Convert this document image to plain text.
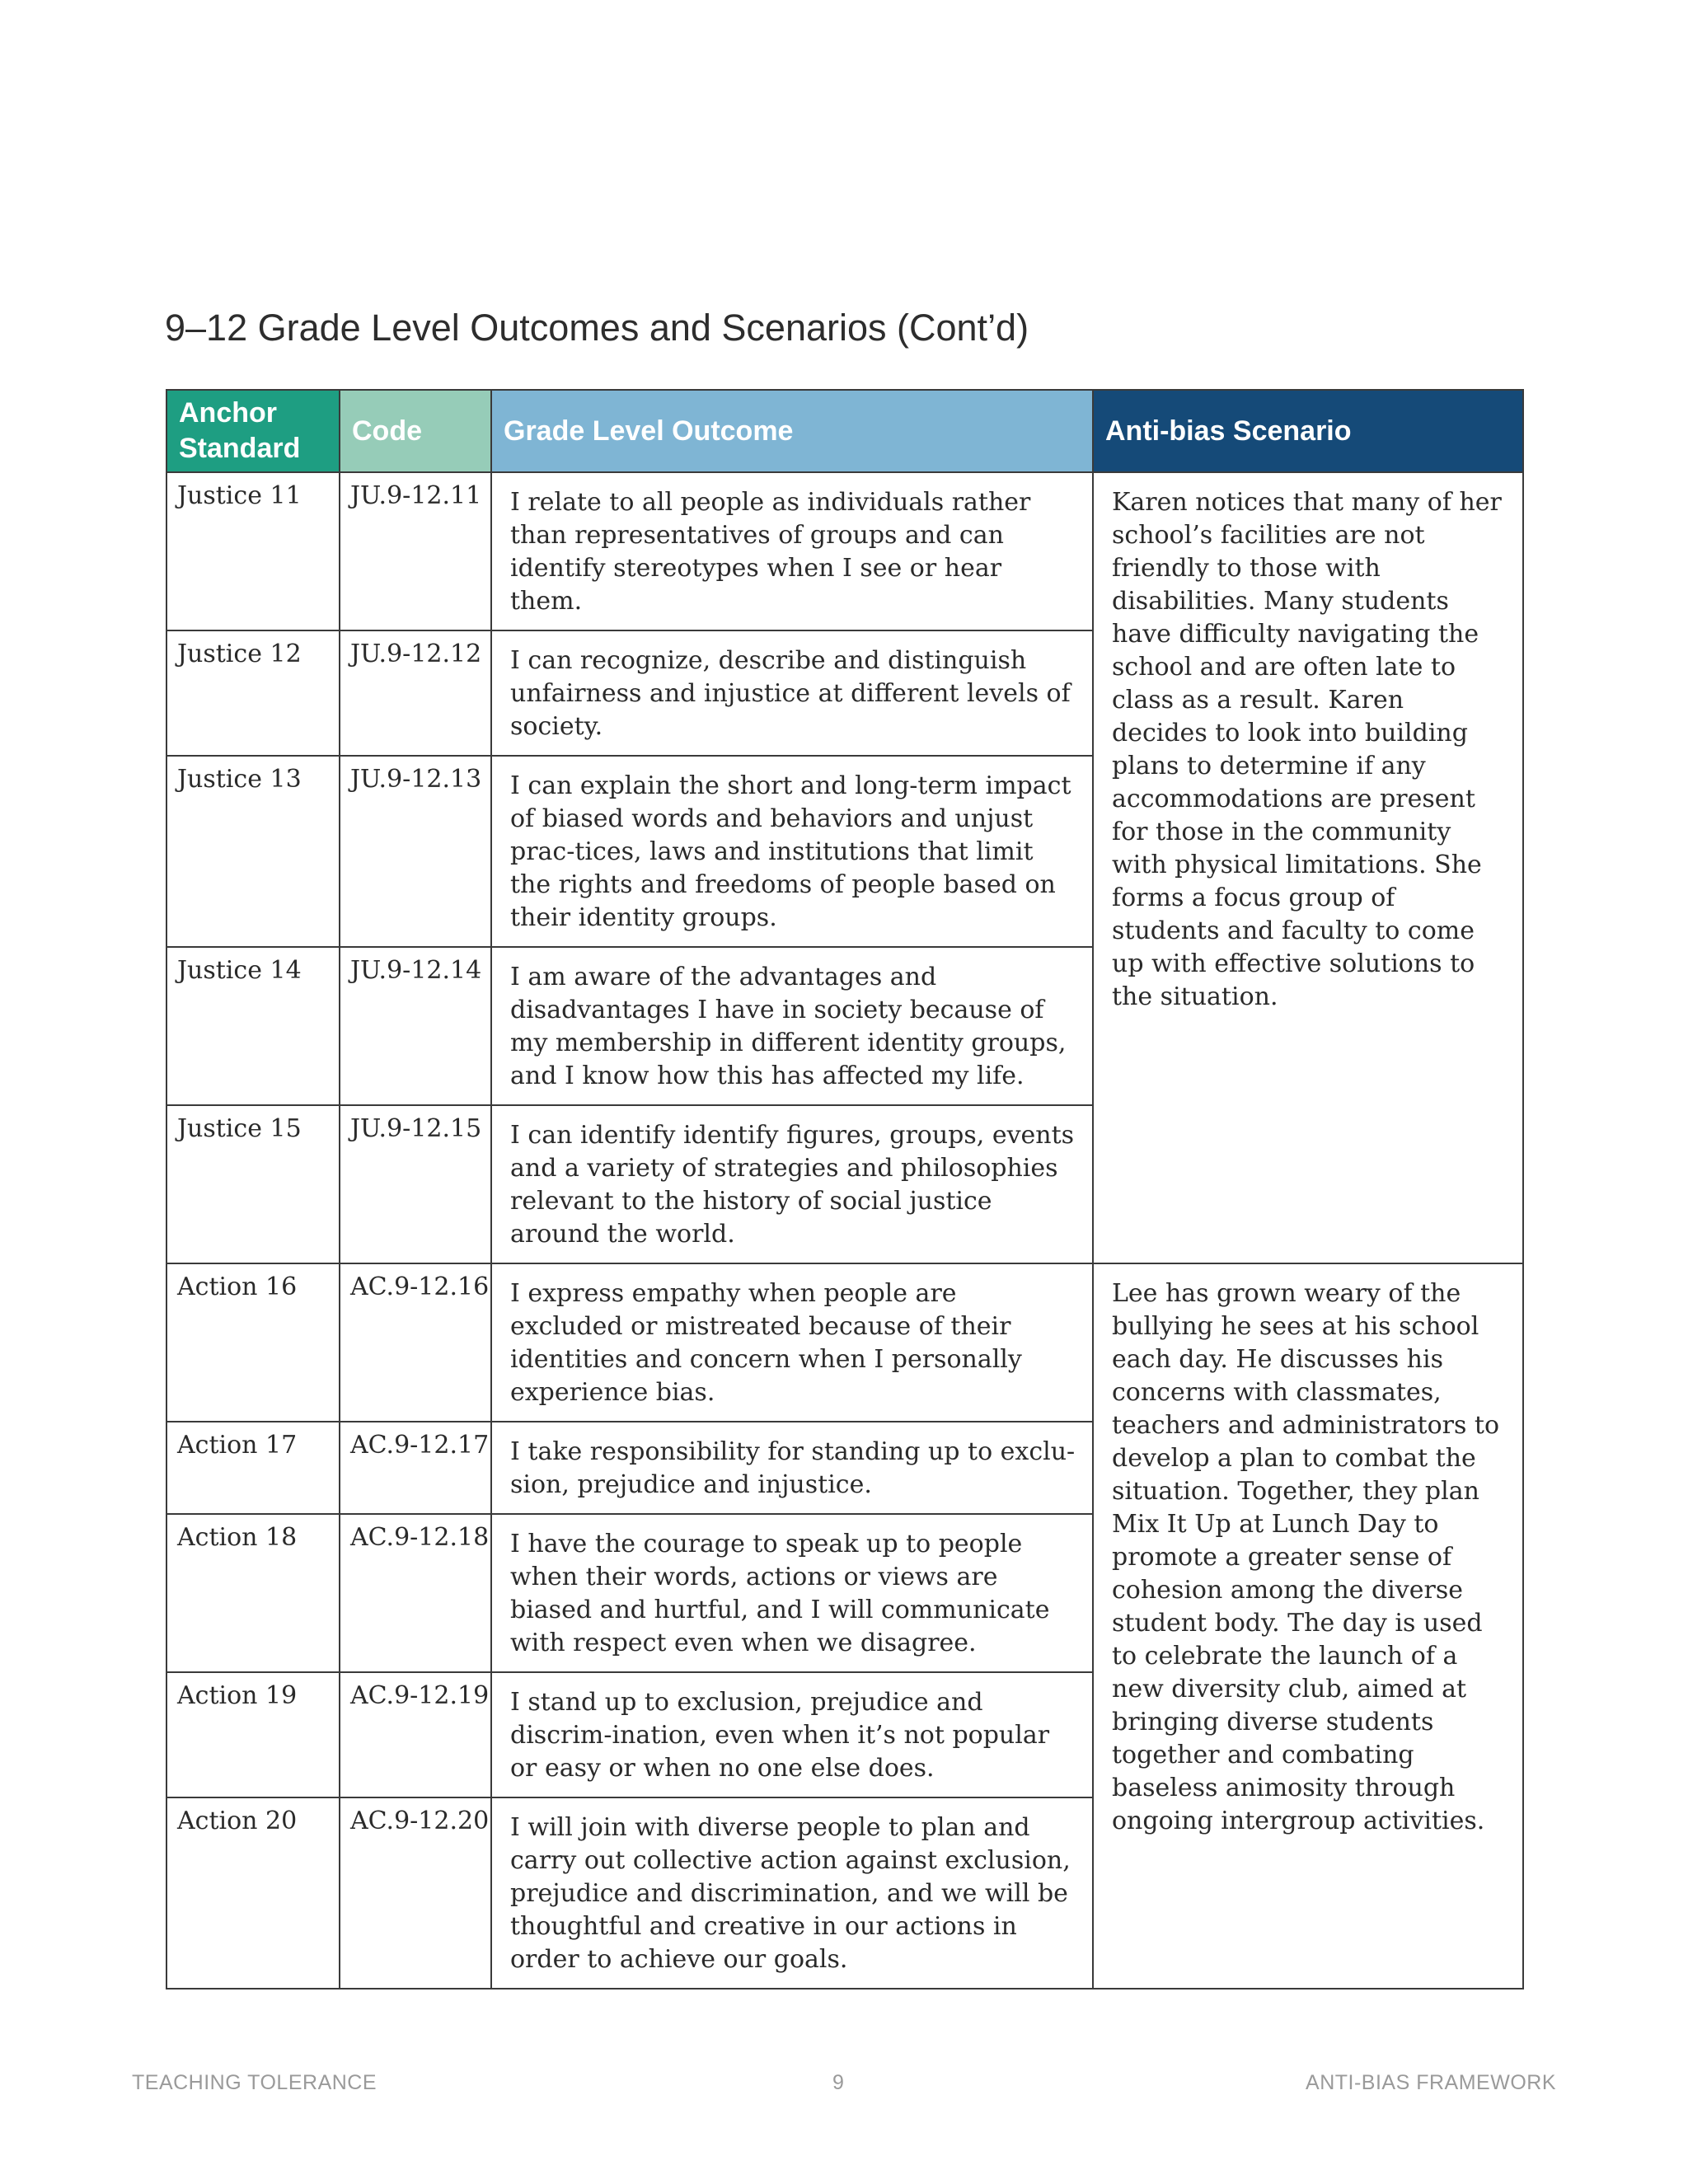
9–12 Grade Level Outcomes and Scenarios (Cont’d)
Anchor
Standard	Code	Grade Level Outcome	Anti-bias Scenario
Justice 11	JU.9-12.11	I relate to all people as individuals rather than representatives of groups and can identify stereotypes when I see or hear them.	Karen notices that many of her school’s facilities are not friendly to those with disabilities. Many students have difficulty navigating the school and are often late to class as a result. Karen decides to look into building plans to determine if any accommodations are present for those in the community with physical limitations. She forms a focus group of students and faculty to come up with effective solutions to the situation.
Justice 12	JU.9-12.12	I can recognize, describe and distinguish unfairness and injustice at different levels of society.	
Justice 13	JU.9-12.13	I can explain the short and long-term impact of biased words and behaviors and unjust prac-tices, laws and institutions that limit the rights and freedoms of people based on their identity groups.	
Justice 14	JU.9-12.14	I am aware of the advantages and disadvantages I have in society because of my membership in different identity groups, and I know how this has affected my life.	
Justice 15	JU.9-12.15	I can identify identify figures, groups, events and a variety of strategies and philosophies relevant to the history of social justice around the world.	
Action 16	AC.9-12.16	I express empathy when people are excluded or mistreated because of their identities and concern when I personally experience bias.	Lee has grown weary of the bullying he sees at his school each day. He discusses his concerns with classmates, teachers and administrators to develop a plan to combat the situation. Together, they plan Mix It Up at Lunch Day to promote a greater sense of cohesion among the diverse student body. The day is used to celebrate the launch of a new diversity club, aimed at bringing diverse students together and combating baseless animosity through ongoing intergroup activities.
Action 17	AC.9-12.17	I take responsibility for standing up to exclu-sion, prejudice and injustice.	
Action 18	AC.9-12.18	I have the courage to speak up to people when their words, actions or views are biased and hurtful, and I will communicate with respect even when we disagree.	
Action 19	AC.9-12.19	I stand up to exclusion, prejudice and discrim-ination, even when it’s not popular or easy or when no one else does.	
Action 20	AC.9-12.20	I will join with diverse people to plan and carry out collective action against exclusion, prejudice and discrimination, and we will be thoughtful and creative in our actions in order to achieve our goals.	
TEACHING TOLERANCE	9	ANTI-BIAS FRAMEWORK
